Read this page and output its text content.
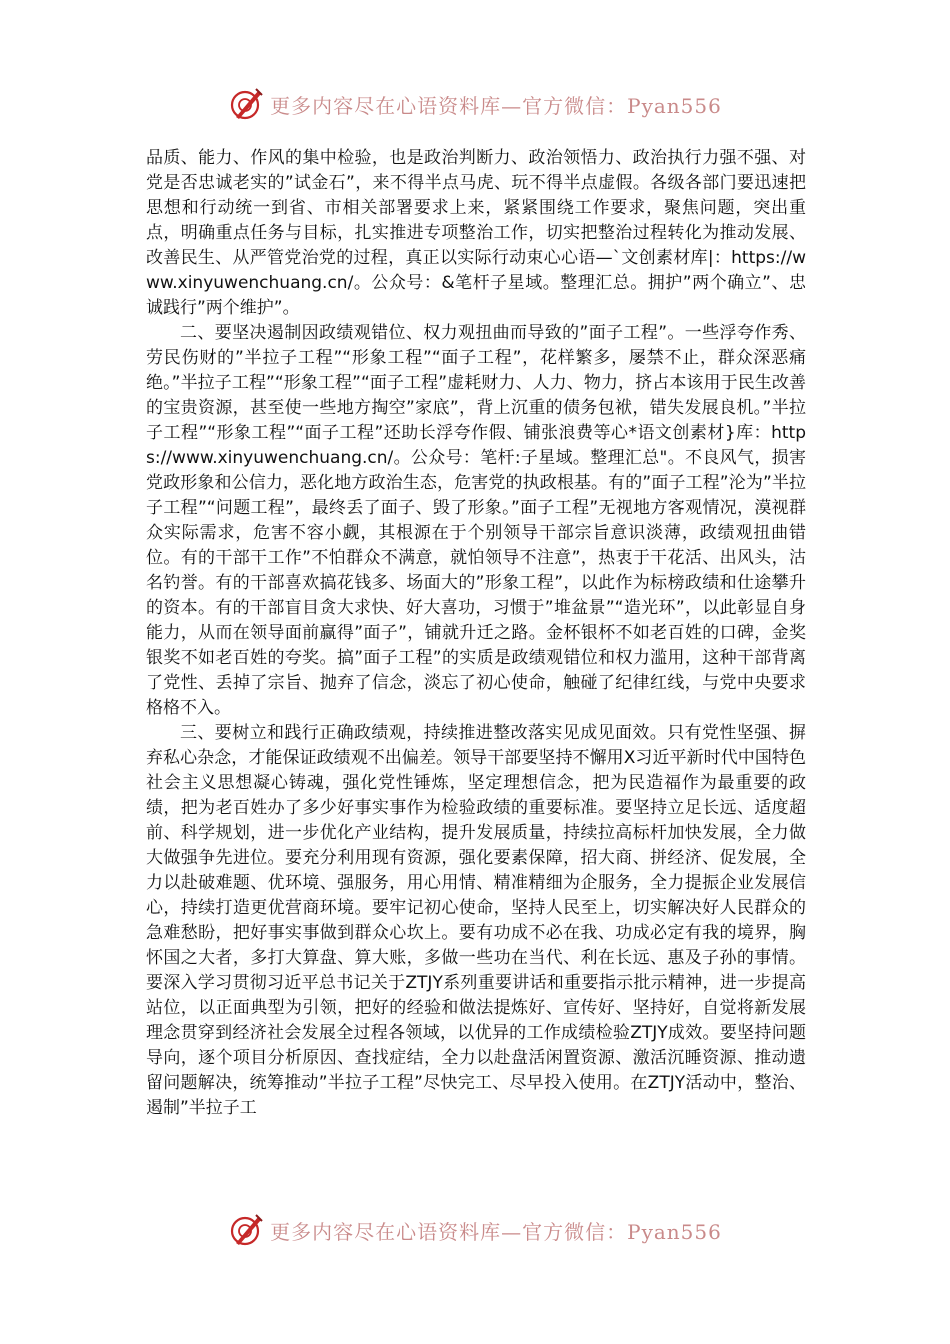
更多内容尽在心语资料库—官方微信：Pyan556

品质、能力、作风的集中检验，也是政治判断力、政治领悟力、政治执行力强不强、对党是否忠诚老实的”试金石”，来不得半点马虎、玩不得半点虚假。各级各部门要迅速把思想和行动统一到省、市相关部署要求上来，紧紧围绕工作要求，聚焦问题，突出重点，明确重点任务与目标，扎实推进专项整治工作，切实把整治过程转化为推动发展、改善民生、从严管党治党的过程，真正以实际行动束心心语—`文创素材库|：https://www.xinyuwenchuang.cn/。公众号：&笔杆子星域。整理汇总。拥护”两个确立”、忠诚践行”两个维护”。

二、要坚决遏制因政绩观错位、权力观扭曲而导致的”面子工程”。一些浮夸作秀、劳民伤财的”半拉子工程”“形象工程”“面子工程”，花样繁多，屡禁不止，群众深恶痛绝。”半拉子工程”“形象工程”“面子工程”虚耗财力、人力、物力，挤占本该用于民生改善的宝贵资源，甚至使一些地方掏空”家底”，背上沉重的债务包袱，错失发展良机。”半拉子工程”“形象工程”“面子工程”还助长浮夸作假、铺张浪费等心*语文创素材}库：https://www.xinyuwenchuang.cn/。公众号：笔杆:子星域。整理汇总"。不良风气，损害党政形象和公信力，恶化地方政治生态，危害党的执政根基。有的”面子工程”沦为”半拉子工程”“问题工程”，最终丢了面子、毁了形象。”面子工程”无视地方客观情况，漠视群众实际需求，危害不容小觑，其根源在于个别领导干部宗旨意识淡薄，政绩观扭曲错位。有的干部干工作”不怕群众不满意，就怕领导不注意”，热衷于干花活、出风头，沽名钓誉。有的干部喜欢搞花钱多、场面大的”形象工程”，以此作为标榜政绩和仕途攀升的资本。有的干部盲目贪大求快、好大喜功，习惯于”堆盆景”“造光环”，以此彰显自身能力，从而在领导面前赢得”面子”，铺就升迁之路。金杯银杯不如老百姓的口碑，金奖银奖不如老百姓的夸奖。搞”面子工程”的实质是政绩观错位和权力滥用，这种干部背离了党性、丢掉了宗旨、抛弃了信念，淡忘了初心使命，触碰了纪律红线，与党中央要求格格不入。

三、要树立和践行正确政绩观，持续推进整改落实见成见面效。只有党性坚强、摒弃私心杂念，才能保证政绩观不出偏差。领导干部要坚持不懈用X习近平新时代中国特色社会主义思想凝心铸魂，强化党性锤炼，坚定理想信念，把为民造福作为最重要的政绩，把为老百姓办了多少好事实事作为检验政绩的重要标准。要坚持立足长远、适度超前、科学规划，进一步优化产业结构，提升发展质量，持续拉高标杆加快发展，全力做大做强争先进位。要充分利用现有资源，强化要素保障，招大商、拼经济、促发展，全力以赴破难题、优环境、强服务，用心用情、精准精细为企服务，全力提振企业发展信心，持续打造更优营商环境。要牢记初心使命，坚持人民至上，切实解决好人民群众的急难愁盼，把好事实事做到群众心坎上。要有功成不必在我、功成必定有我的境界，胸怀国之大者，多打大算盘、算大账，多做一些功在当代、利在长远、惠及子孙的事情。要深入学习贯彻习近平总书记关于ZTJY系列重要讲话和重要指示批示精神，进一步提高站位，以正面典型为引领，把好的经验和做法提炼好、宣传好、坚持好，自觉将新发展理念贯穿到经济社会发展全过程各领域，以优异的工作成绩检验ZTJY成效。要坚持问题导向，逐个项目分析原因、查找症结，全力以赴盘活闲置资源、激活沉睡资源、推动遗留问题解决，统筹推动”半拉子工程”尽快完工、尽早投入使用。在ZTJY活动中，整治、遏制”半拉子工

更多内容尽在心语资料库—官方微信：Pyan556
